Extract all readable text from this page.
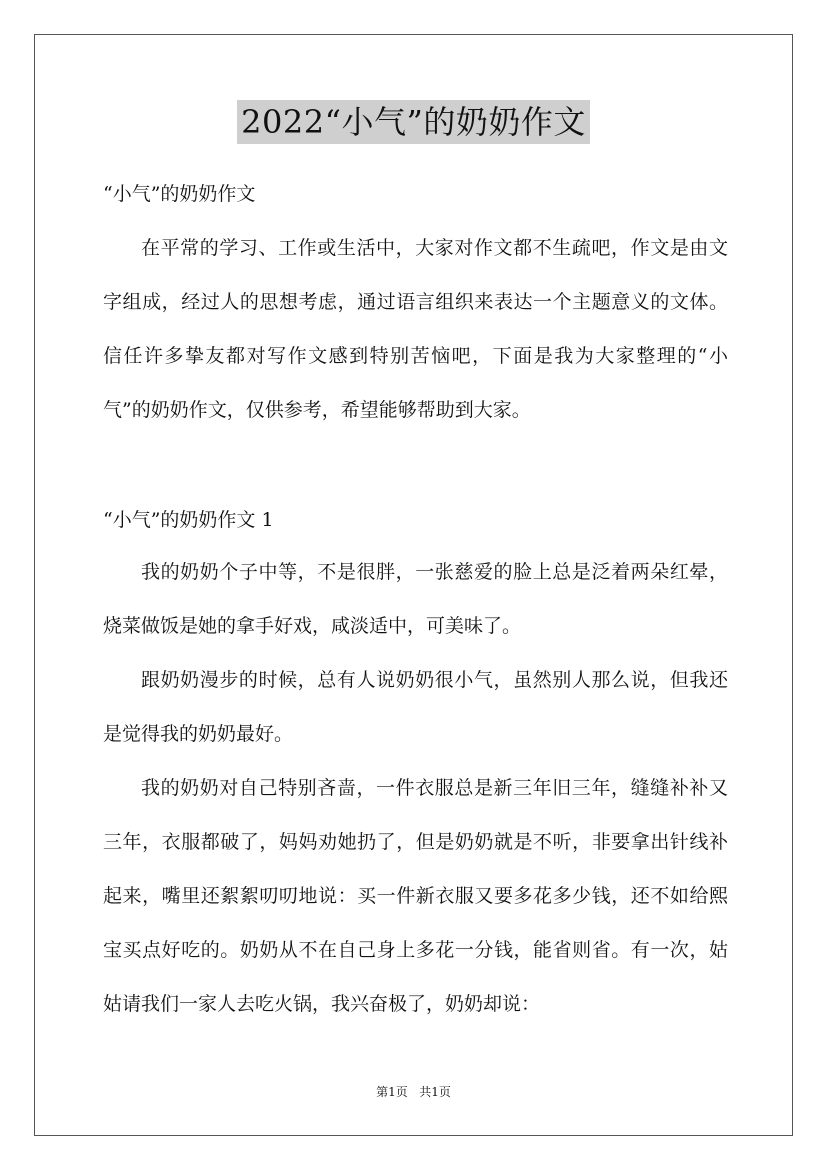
2022“小气”的奶奶作文
“小气”的奶奶作文

在平常的学习、工作或生活中，大家对作文都不生疏吧，作文是由文字组成，经过人的思想考虑，通过语言组织来表达一个主题意义的文体。信任许多挚友都对写作文感到特别苦恼吧，下面是我为大家整理的“小气”的奶奶作文，仅供参考，希望能够帮助到大家。

“小气”的奶奶作文 1

我的奶奶个子中等，不是很胖，一张慈爱的脸上总是泛着两朵红晕，烧菜做饭是她的拿手好戏，咸淡适中，可美味了。

跟奶奶漫步的时候，总有人说奶奶很小气，虽然别人那么说，但我还是觉得我的奶奶最好。

我的奶奶对自己特别吝啬，一件衣服总是新三年旧三年，缝缝补补又三年，衣服都破了，妈妈劝她扔了，但是奶奶就是不听，非要拿出针线补起来，嘴里还絮絮叨叨地说：买一件新衣服又要多花多少钱，还不如给熙宝买点好吃的。奶奶从不在自己身上多花一分钱，能省则省。有一次，姑姑请我们一家人去吃火锅，我兴奋极了，奶奶却说：

第1页 共1页
